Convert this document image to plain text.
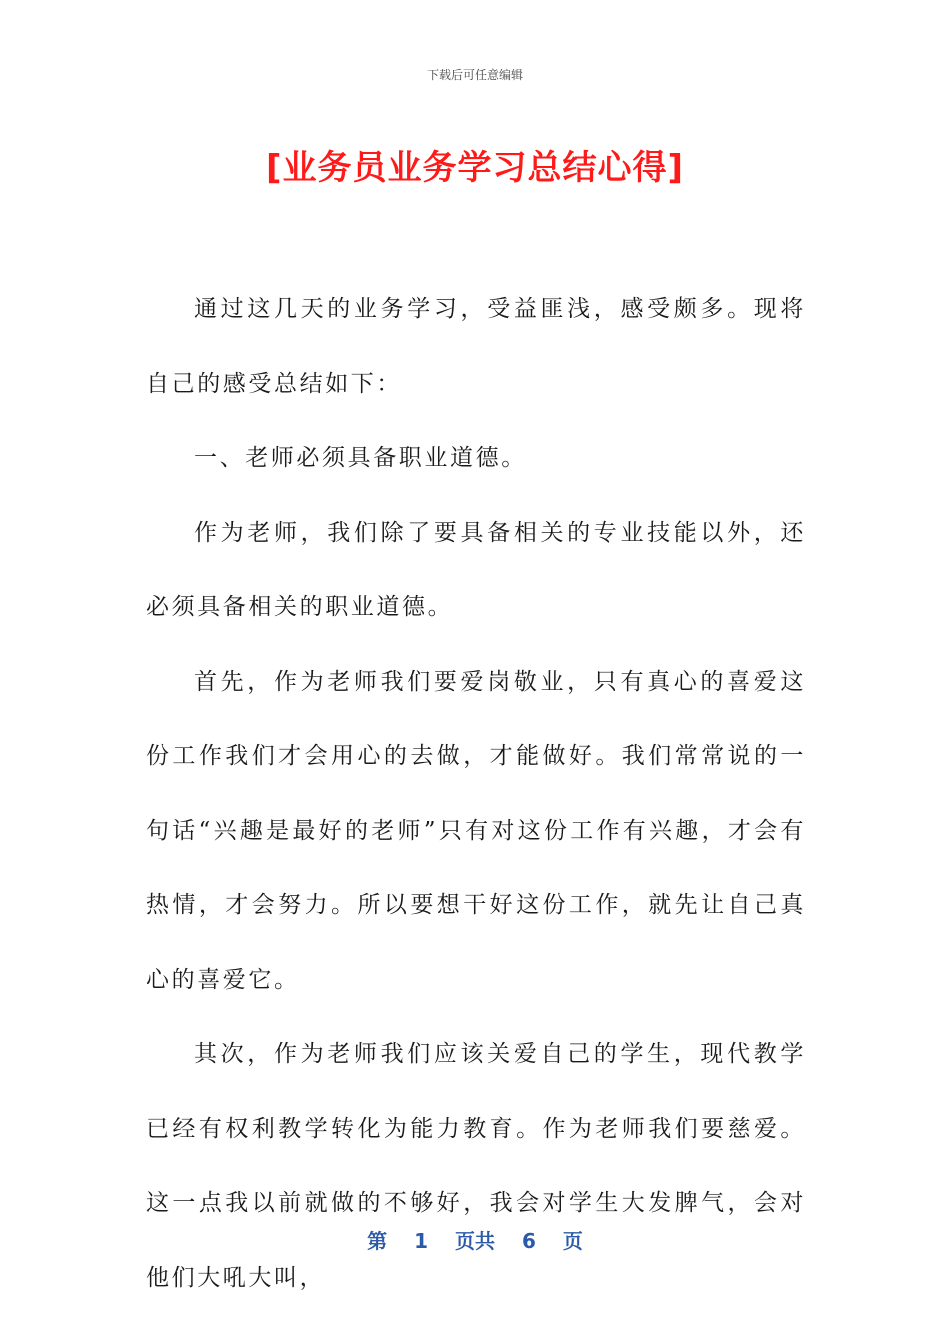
下载后可任意编辑
[业务员业务学习总结心得]

通过这几天的业务学习，受益匪浅，感受颇多。现将自己的感受总结如下：

一、老师必须具备职业道德。

作为老师，我们除了要具备相关的专业技能以外，还必须具备相关的职业道德。

首先，作为老师我们要爱岗敬业，只有真心的喜爱这份工作我们才会用心的去做，才能做好。我们常常说的一句话“兴趣是最好的老师”只有对这份工作有兴趣，才会有热情，才会努力。所以要想干好这份工作，就先让自己真心的喜爱它。

其次，作为老师我们应该关爱自己的学生，现代教学已经有权利教学转化为能力教育。作为老师我们要慈爱。这一点我以前就做的不够好，我会对学生大发脾气，会对他们大吼大叫，

第 1 页共 6 页
